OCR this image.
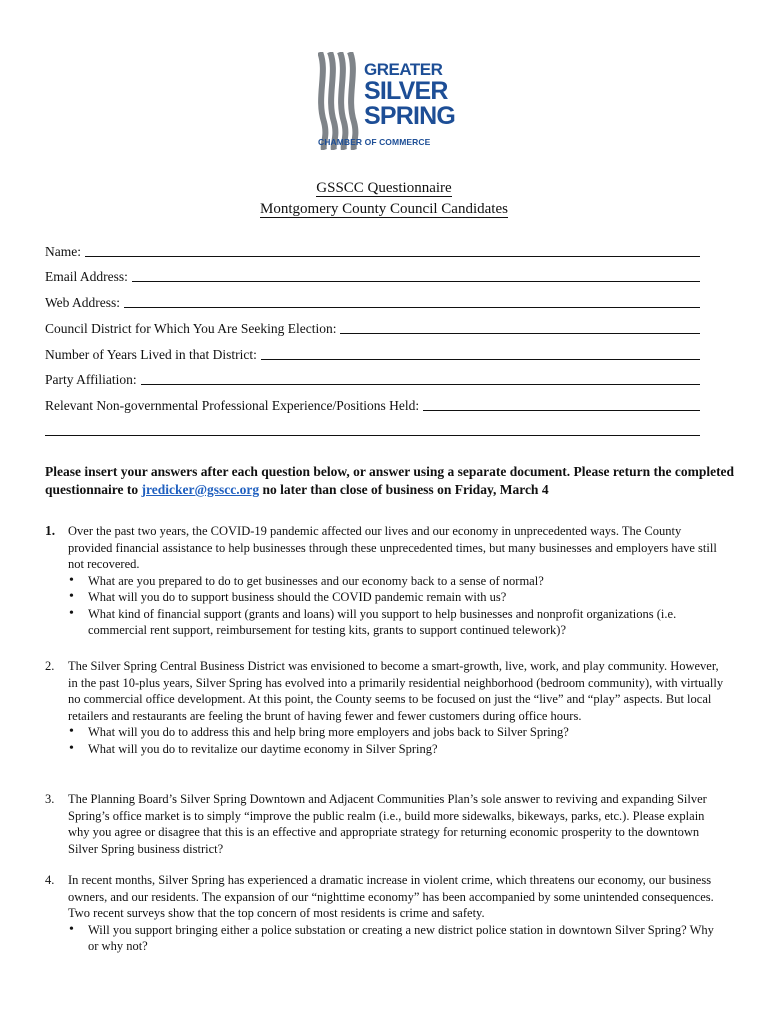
GREATER
SILVER
SPRING
CHAMBER OF COMMERCE
GSSCC Questionnaire
Montgomery County Council Candidates
Name:
Email Address:
Web Address:
Council District for Which You Are Seeking Election:
Number of Years Lived in that District:
Party Affiliation:
Relevant Non-governmental Professional Experience/Positions Held:
Please insert your answers after each question below, or answer using a separate document. Please return the completed questionnaire to jredicker@gsscc.org no later than close of business on Friday, March 4
1. Over the past two years, the COVID-19 pandemic affected our lives and our economy in unprecedented ways. The County provided financial assistance to help businesses through these unprecedented times, but many businesses and employers have still not recovered.
• What are you prepared to do to get businesses and our economy back to a sense of normal?
• What will you do to support business should the COVID pandemic remain with us?
• What kind of financial support (grants and loans) will you support to help businesses and nonprofit organizations (i.e. commercial rent support, reimbursement for testing kits, grants to support continued telework)?
2. The Silver Spring Central Business District was envisioned to become a smart-growth, live, work, and play community. However, in the past 10-plus years, Silver Spring has evolved into a primarily residential neighborhood (bedroom community), with virtually no commercial office development. At this point, the County seems to be focused on just the “live” and “play” aspects. But local retailers and restaurants are feeling the brunt of having fewer and fewer customers during office hours.
• What will you do to address this and help bring more employers and jobs back to Silver Spring?
• What will you do to revitalize our daytime economy in Silver Spring?
3. The Planning Board’s Silver Spring Downtown and Adjacent Communities Plan’s sole answer to reviving and expanding Silver Spring’s office market is to simply “improve the public realm (i.e., build more sidewalks, bikeways, parks, etc.). Please explain why you agree or disagree that this is an effective and appropriate strategy for returning economic prosperity to the downtown Silver Spring business district?
4. In recent months, Silver Spring has experienced a dramatic increase in violent crime, which threatens our economy, our business owners, and our residents. The expansion of our “nighttime economy” has been accompanied by some unintended consequences. Two recent surveys show that the top concern of most residents is crime and safety.
• Will you support bringing either a police substation or creating a new district police station in downtown Silver Spring? Why or why not?
